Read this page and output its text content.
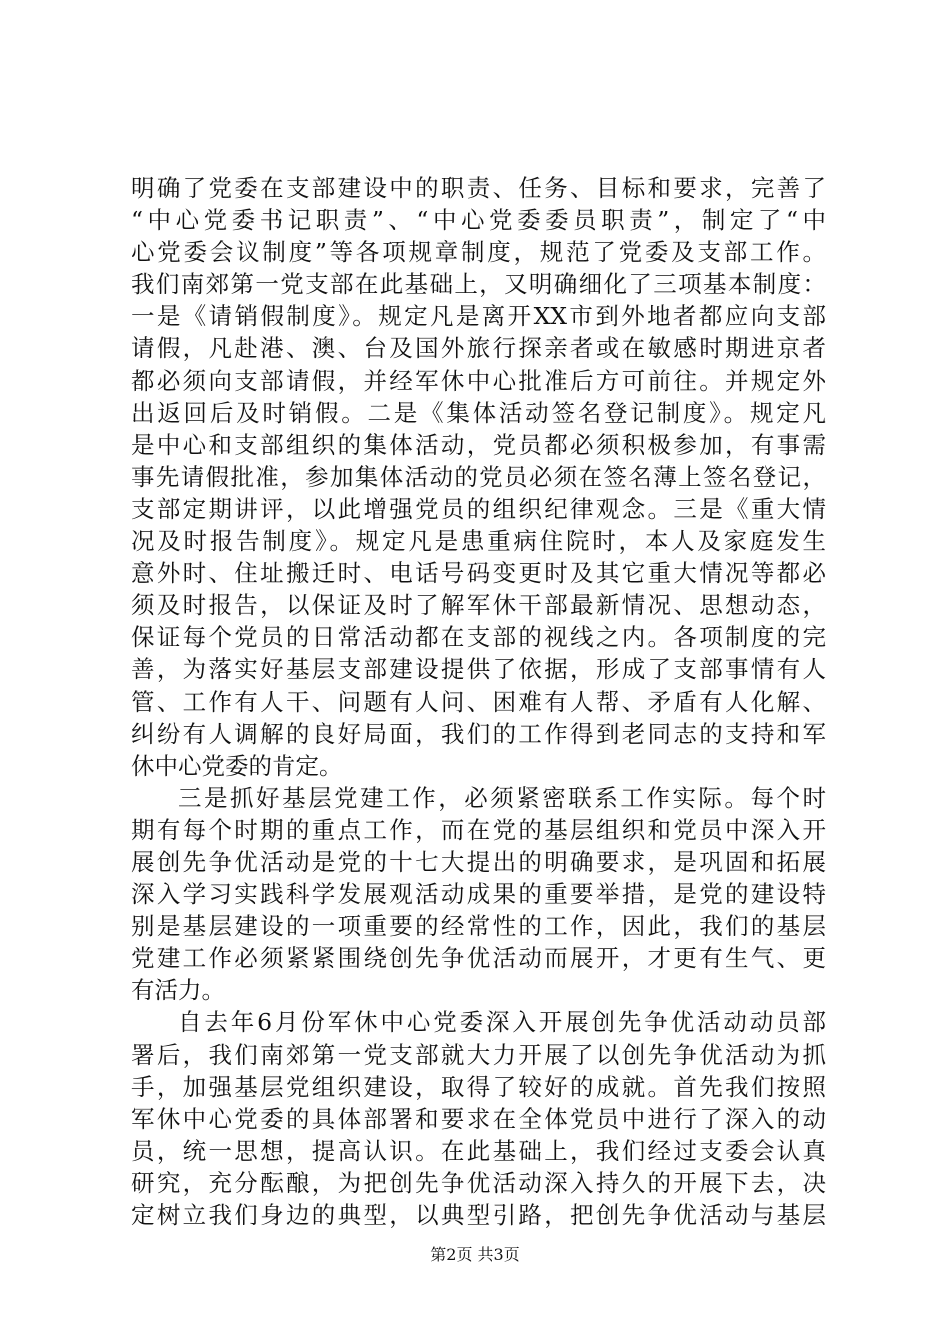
明确了党委在支部建设中的职责、任务、目标和要求，完善了
“中心党委书记职责”、“中心党委委员职责”，制定了“中
心党委会议制度”等各项规章制度，规范了党委及支部工作。
我们南郊第一党支部在此基础上，又明确细化了三项基本制度：
一是《请销假制度》。规定凡是离开XX市到外地者都应向支部
请假，凡赴港、澳、台及国外旅行探亲者或在敏感时期进京者
都必须向支部请假，并经军休中心批准后方可前往。并规定外
出返回后及时销假。二是《集体活动签名登记制度》。规定凡
是中心和支部组织的集体活动，党员都必须积极参加，有事需
事先请假批准，参加集体活动的党员必须在签名薄上签名登记，
支部定期讲评，以此增强党员的组织纪律观念。三是《重大情
况及时报告制度》。规定凡是患重病住院时，本人及家庭发生
意外时、住址搬迁时、电话号码变更时及其它重大情况等都必
须及时报告，以保证及时了解军休干部最新情况、思想动态，
保证每个党员的日常活动都在支部的视线之内。各项制度的完
善，为落实好基层支部建设提供了依据，形成了支部事情有人
管、工作有人干、问题有人问、困难有人帮、矛盾有人化解、
纠纷有人调解的良好局面，我们的工作得到老同志的支持和军
休中心党委的肯定。
三是抓好基层党建工作，必须紧密联系工作实际。每个时
期有每个时期的重点工作，而在党的基层组织和党员中深入开
展创先争优活动是党的十七大提出的明确要求，是巩固和拓展
深入学习实践科学发展观活动成果的重要举措，是党的建设特
别是基层建设的一项重要的经常性的工作，因此，我们的基层
党建工作必须紧紧围绕创先争优活动而展开，才更有生气、更
有活力。
自去年6月份军休中心党委深入开展创先争优活动动员部
署后，我们南郊第一党支部就大力开展了以创先争优活动为抓
手，加强基层党组织建设，取得了较好的成就。首先我们按照
军休中心党委的具体部署和要求在全体党员中进行了深入的动
员，统一思想，提高认识。在此基础上，我们经过支委会认真
研究，充分酝酿，为把创先争优活动深入持久的开展下去，决
定树立我们身边的典型，以典型引路，把创先争优活动与基层
第2页 共3页
